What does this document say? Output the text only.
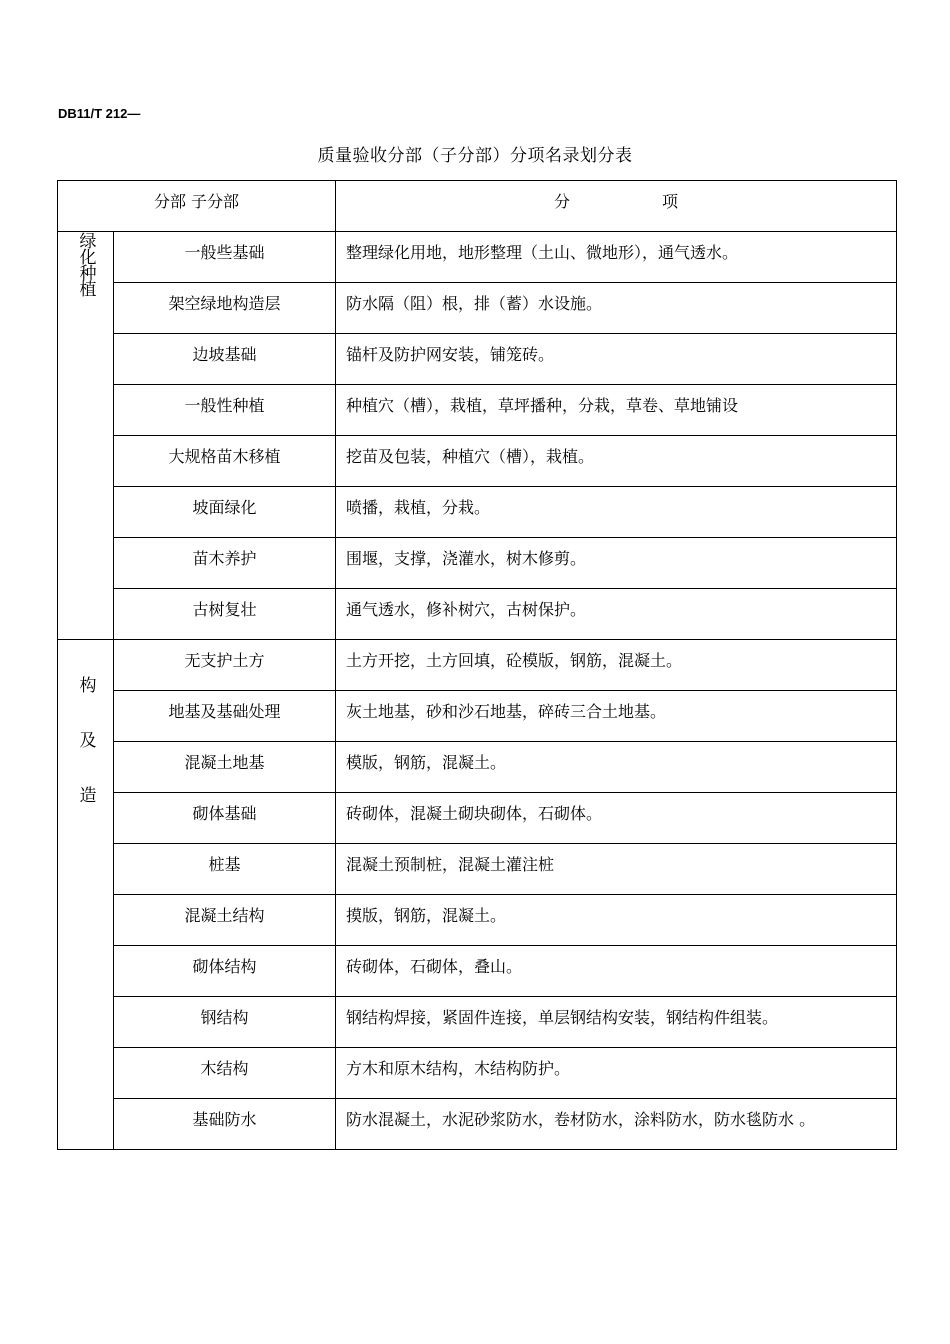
DB11/T 212—
质量验收分部（子分部）分项名录划分表
分部 子分部		分 项
绿化种植	一般些基础	整理绿化用地，地形整理（土山、微地形），通气透水。
	架空绿地构造层	防水隔（阻）根，排（蓄）水设施。
	边坡基础	锚杆及防护网安装，铺笼砖。
	一般性种植	种植穴（槽），栽植，草坪播种，分栽，草卷、草地铺设
	大规格苗木移植	挖苗及包装，种植穴（槽），栽植。
	坡面绿化	喷播，栽植，分栽。
	苗木养护	围堰，支撑，浇灌水，树木修剪。
	古树复壮	通气透水，修补树穴，古树保护。
构及造	无支护土方	土方开挖，土方回填，砼模版，钢筋，混凝土。
	地基及基础处理	灰土地基，砂和沙石地基，碎砖三合土地基。
	混凝土地基	模版，钢筋，混凝土。
	砌体基础	砖砌体，混凝土砌块砌体，石砌体。
	桩基	混凝土预制桩，混凝土灌注桩
	混凝土结构	摸版，钢筋，混凝土。
	砌体结构	砖砌体，石砌体，叠山。
	钢结构	钢结构焊接，紧固件连接，单层钢结构安装，钢结构件组装。
	木结构	方木和原木结构，木结构防护。
	基础防水	防水混凝土，水泥砂浆防水，卷材防水，涂料防水，防水毯防水 。
